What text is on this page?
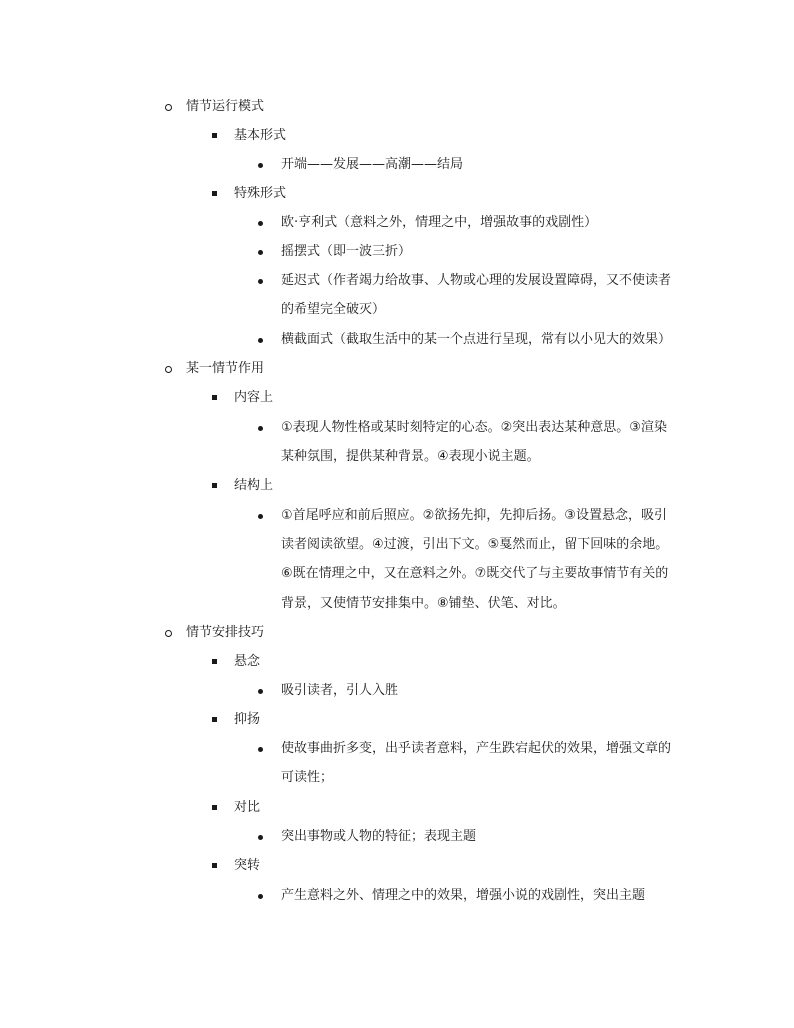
情节运行模式
基本形式
开端——发展——高潮——结局
特殊形式
欧·亨利式（意料之外，情理之中，增强故事的戏剧性）
摇摆式（即一波三折）
延迟式（作者竭力给故事、人物或心理的发展设置障碍，又不使读者
的希望完全破灭）
横截面式（截取生活中的某一个点进行呈现，常有以小见大的效果）
某一情节作用
内容上
①表现人物性格或某时刻特定的心态。②突出表达某种意思。③渲染
某种氛围，提供某种背景。④表现小说主题。
结构上
①首尾呼应和前后照应。②欲扬先抑，先抑后扬。③设置悬念，吸引
读者阅读欲望。④过渡，引出下文。⑤戛然而止，留下回味的余地。
⑥既在情理之中，又在意料之外。⑦既交代了与主要故事情节有关的
背景，又使情节安排集中。⑧铺垫、伏笔、对比。
情节安排技巧
悬念
吸引读者，引人入胜
抑扬
使故事曲折多变，出乎读者意料，产生跌宕起伏的效果，增强文章的
可读性；
对比
突出事物或人物的特征；表现主题
突转
产生意料之外、情理之中的效果，增强小说的戏剧性，突出主题
